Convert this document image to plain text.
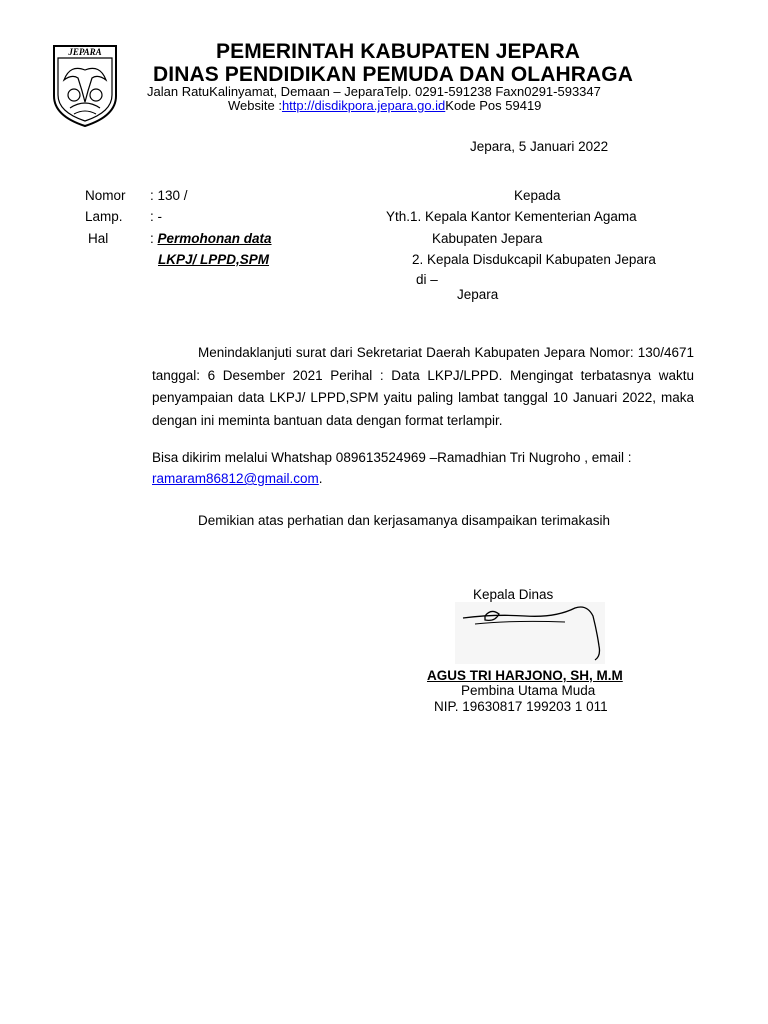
JEPARA	PEMERINTAH KABUPATEN JEPARA
DINAS PENDIDIKAN PEMUDA DAN OLAHRAGA
Jalan RatuKalinyamat, Demaan – JeparaTelp. 0291-591238 Faxn0291-593347
Website :http://disdikpora.jepara.go.idKode Pos 59419
Jepara, 5 Januari 2022
Nomor : 130 /
Lamp. : -
Hal	: Permohonan data
LKPJ/ LPPD,SPM
Kepada
Yth.1. Kepala Kantor Kementerian Agama
Kabupaten Jepara
2. Kepala Disdukcapil Kabupaten Jepara
di –
Jepara
Menindaklanjuti surat dari Sekretariat Daerah Kabupaten Jepara Nomor: 130/4671 tanggal: 6 Desember 2021 Perihal : Data LKPJ/LPPD. Mengingat terbatasnya waktu penyampaian data LKPJ/ LPPD,SPM yaitu paling lambat tanggal 10 Januari 2022, maka dengan ini meminta bantuan data dengan format terlampir.
Bisa dikirim melalui Whatshap 089613524969 –Ramadhian Tri Nugroho , email :
ramaram86812@gmail.com.
Demikian atas perhatian dan kerjasamanya disampaikan terimakasih
Kepala Dinas
AGUS TRI HARJONO, SH, M.M
Pembina Utama Muda
NIP. 19630817 199203 1 011
